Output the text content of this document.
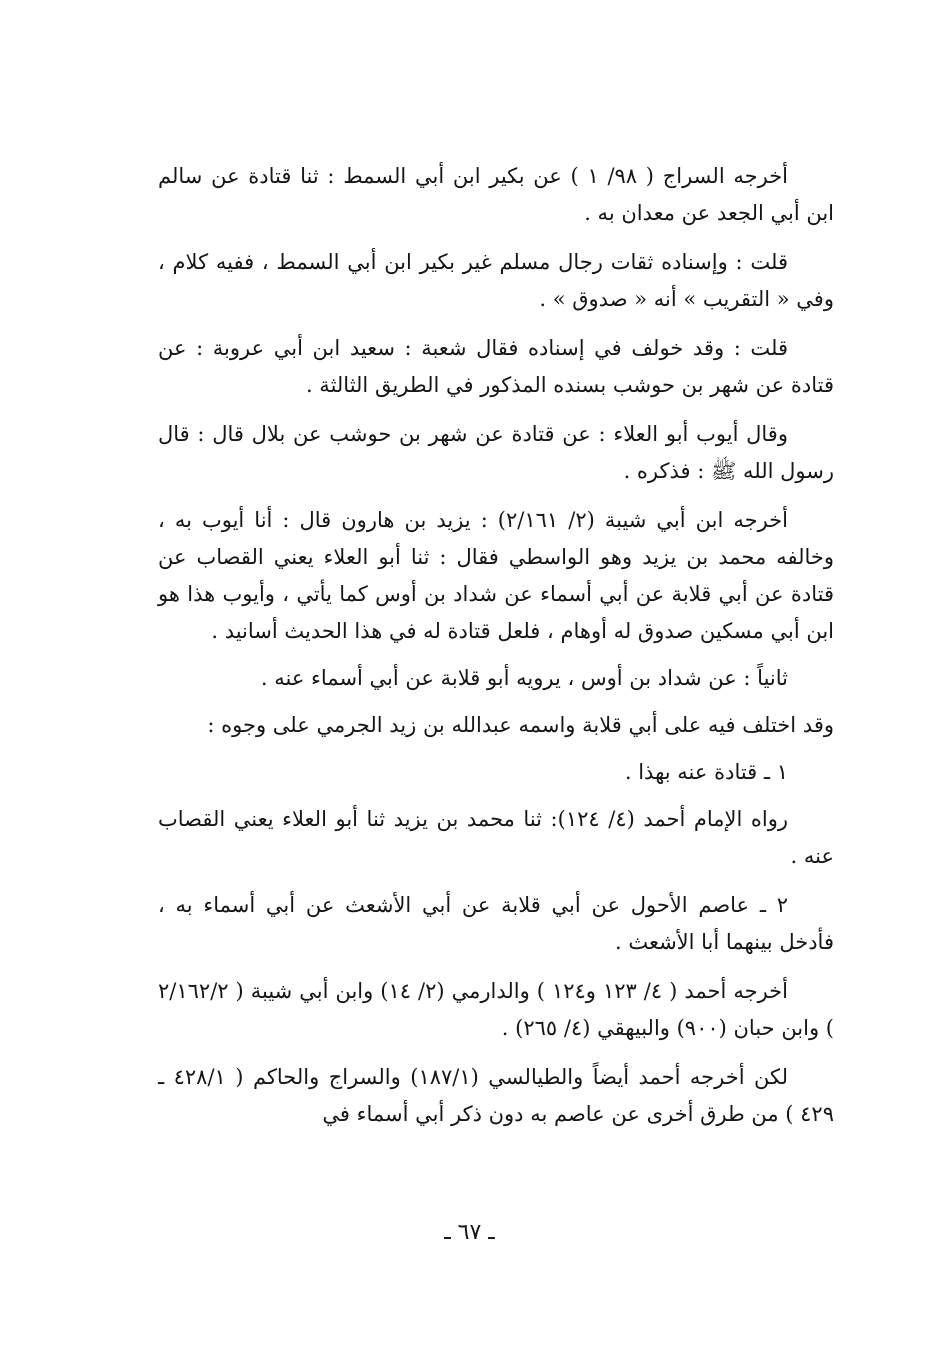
أخرجه السراج ( ٩٨/ ١ ) عن بكير ابن أبي السمط : ثنا قتادة عن سالم ابن أبي الجعد عن معدان به .

قلت : وإسناده ثقات رجال مسلم غير بكير ابن أبي السمط ، ففيه كلام ، وفي « التقريب » أنه « صدوق » .

قلت : وقد خولف في إسناده فقال شعبة : سعيد ابن أبي عروبة : عن قتادة عن شهر بن حوشب بسنده المذكور في الطريق الثالثة .

وقال أيوب أبو العلاء : عن قتادة عن شهر بن حوشب عن بلال قال : قال رسول الله ﷺ : فذكره .

أخرجه ابن أبي شيبة (٢/ ٢/١٦١) : يزيد بن هارون قال : أنا أيوب به ، وخالفه محمد بن يزيد وهو الواسطي فقال : ثنا أبو العلاء يعني القصاب عن قتادة عن أبي قلابة عن أبي أسماء عن شداد بن أوس كما يأتي ، وأيوب هذا هو ابن أبي مسكين صدوق له أوهام ، فلعل قتادة له في هذا الحديث أسانيد .

ثانياً : عن شداد بن أوس ، يرويه أبو قلابة عن أبي أسماء عنه .

وقد اختلف فيه على أبي قلابة واسمه عبدالله بن زيد الجرمي على وجوه :

١ ـ قتادة عنه بهذا .

رواه الإمام أحمد (٤/ ١٢٤): ثنا محمد بن يزيد ثنا أبو العلاء يعني القصاب عنه .

٢ ـ عاصم الأحول عن أبي قلابة عن أبي الأشعث عن أبي أسماء به ، فأدخل بينهما أبا الأشعث .

أخرجه أحمد ( ٤/ ١٢٣ و١٢٤ ) والدارمي (٢/ ١٤) وابن أبي شيبة ( ٢/١٦٢/٢ ) وابن حبان (٩٠٠) والبيهقي (٤/ ٢٦٥) .

لكن أخرجه أحمد أيضاً والطيالسي (١٨٧/١) والسراج والحاكم ( ٤٢٨/١ ـ ٤٢٩ ) من طرق أخرى عن عاصم به دون ذكر أبي أسماء في

ـ ٦٧ ـ
